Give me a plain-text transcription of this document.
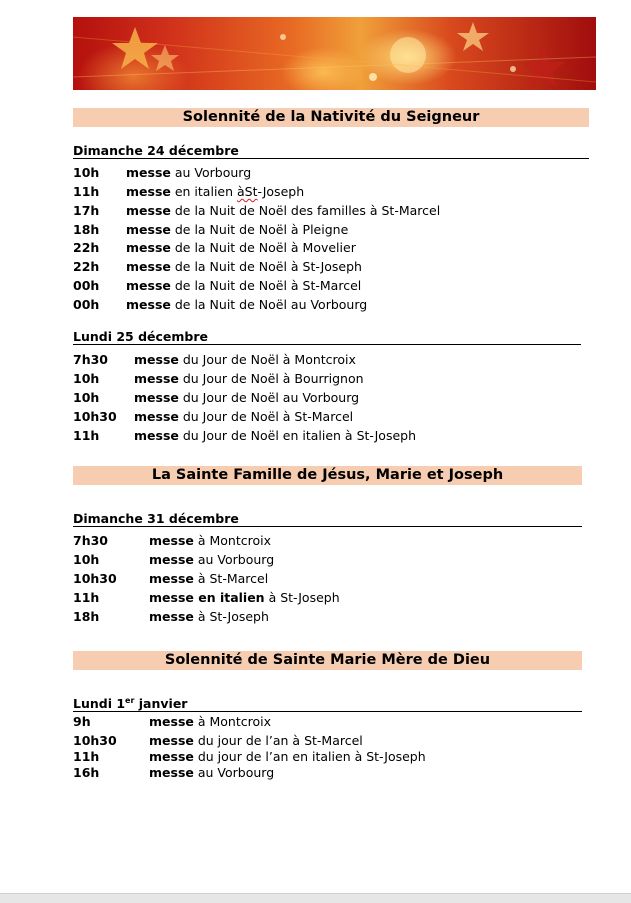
Solennité de la Nativité du Seigneur
Dimanche 24 décembre
10h messe au Vorbourg
11h messe en italien àSt-Joseph
17h messe de la Nuit de Noël des familles à St-Marcel
18h messe de la Nuit de Noël à Pleigne
22h messe de la Nuit de Noël à Movelier
22h messe de la Nuit de Noël à St-Joseph
00h messe de la Nuit de Noël à St-Marcel
00h messe de la Nuit de Noël au Vorbourg
Lundi 25 décembre
7h30 messe du Jour de Noël à Montcroix
10h	messe du Jour de Noël à Bourrignon
10h	messe du Jour de Noël au Vorbourg
10h30 messe du Jour de Noël à St-Marcel
11h	messe du Jour de Noël en italien à St-Joseph
La Sainte Famille de Jésus, Marie et Joseph
Dimanche 31 décembre
7h30	messe à Montcroix
10h	messe au Vorbourg
10h30	messe à St-Marcel
11h	messe en italien à St-Joseph
18h	messe à St-Joseph
Solennité de Sainte Marie Mère de Dieu
Lundi 1er janvier
9h	messe à Montcroix
10h30	messe du jour de l’an à St-Marcel
11h	messe du jour de l’an en italien à St-Joseph
16h	messe au Vorbourg
